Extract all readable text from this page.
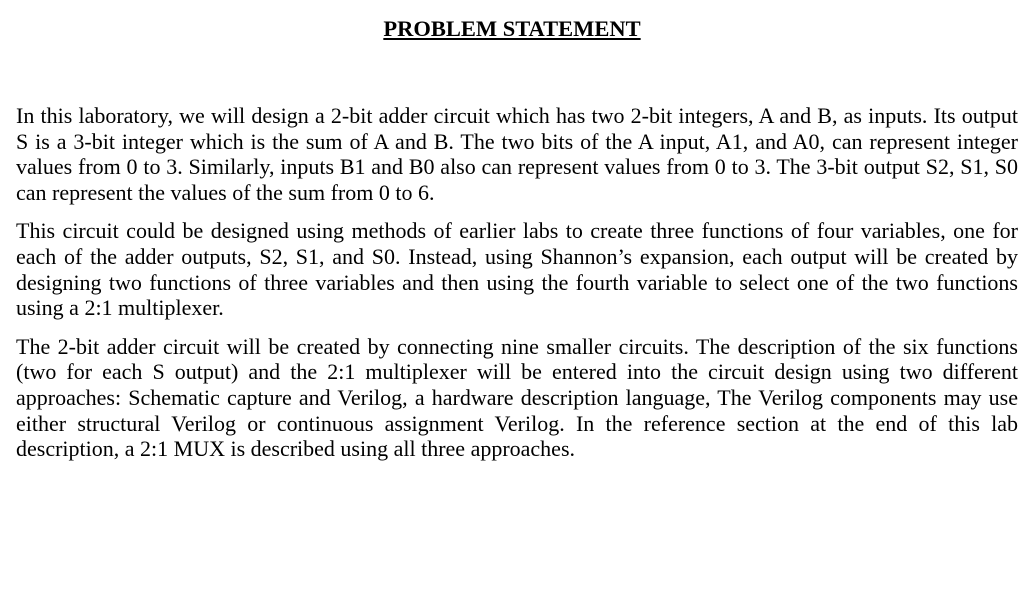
PROBLEM STATEMENT

In this laboratory, we will design a 2-bit adder circuit which has two 2-bit integers, A and B, as inputs. Its output S is a 3-bit integer which is the sum of A and B. The two bits of the A input, A1, and A0, can represent integer values from 0 to 3. Similarly, inputs B1 and B0 also can represent values from 0 to 3. The 3-bit output S2, S1, S0 can represent the values of the sum from 0 to 6.

This circuit could be designed using methods of earlier labs to create three functions of four variables, one for each of the adder outputs, S2, S1, and S0. Instead, using Shannon’s expansion, each output will be created by designing two functions of three variables and then using the fourth variable to select one of the two functions using a 2:1 multiplexer.

The 2-bit adder circuit will be created by connecting nine smaller circuits. The description of the six functions (two for each S output) and the 2:1 multiplexer will be entered into the circuit design using two different approaches: Schematic capture and Verilog, a hardware description language, The Verilog components may use either structural Verilog or continuous assignment Verilog. In the reference section at the end of this lab description, a 2:1 MUX is described using all three approaches.
